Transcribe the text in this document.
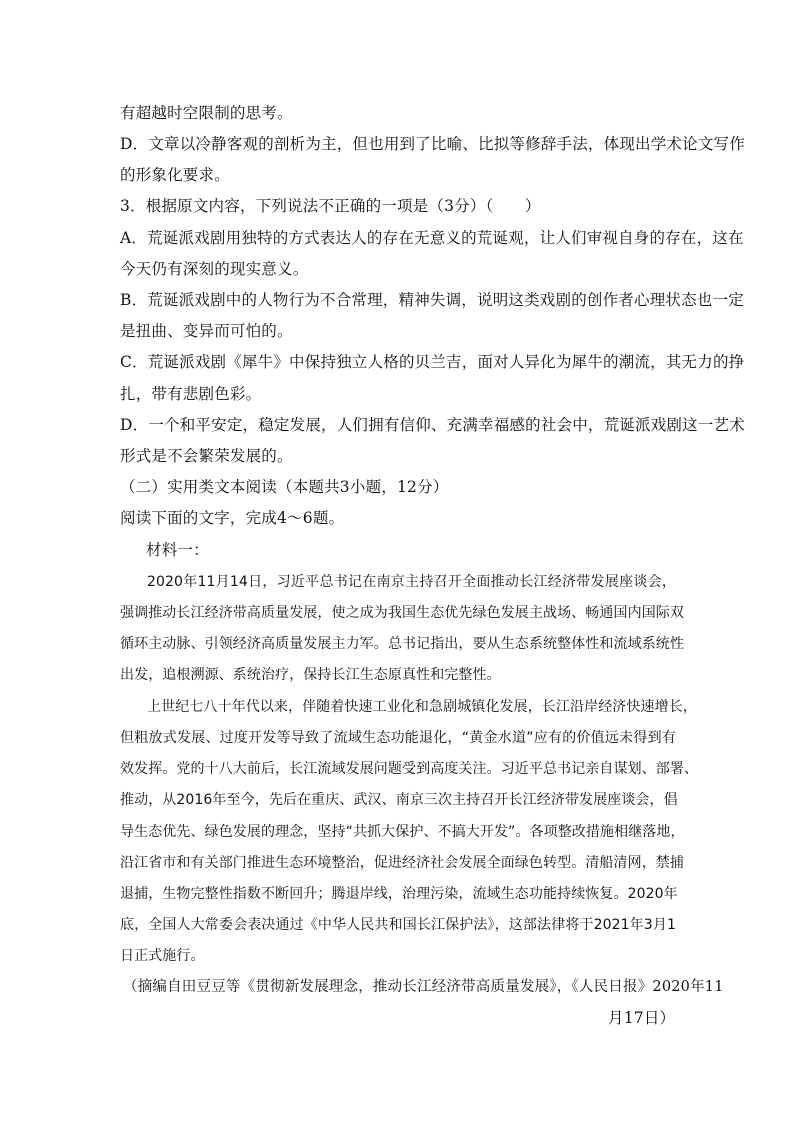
有超越时空限制的思考。
D．文章以冷静客观的剖析为主，但也用到了比喻、比拟等修辞手法，体现出学术论文写作
的形象化要求。
3．根据原文内容，下列说法不正确的一项是（3分）（　　）
A．荒诞派戏剧用独特的方式表达人的存在无意义的荒诞观，让人们审视自身的存在，这在
今天仍有深刻的现实意义。
B．荒诞派戏剧中的人物行为不合常理，精神失调，说明这类戏剧的创作者心理状态也一定
是扭曲、变异而可怕的。
C．荒诞派戏剧《犀牛》中保持独立人格的贝兰吉，面对人异化为犀牛的潮流，其无力的挣
扎，带有悲剧色彩。
D．一个和平安定，稳定发展，人们拥有信仰、充满幸福感的社会中，荒诞派戏剧这一艺术
形式是不会繁荣发展的。
（二）实用类文本阅读（本题共3小题，12分）
阅读下面的文字，完成4～6题。
材料一：
2020年11月14日，习近平总书记在南京主持召开全面推动长江经济带发展座谈会，
强调推动长江经济带高质量发展，使之成为我国生态优先绿色发展主战场、畅通国内国际双
循环主动脉、引领经济高质量发展主力军。总书记指出，要从生态系统整体性和流域系统性
出发，追根溯源、系统治疗，保持长江生态原真性和完整性。
上世纪七八十年代以来，伴随着快速工业化和急剧城镇化发展，长江沿岸经济快速增长，
但粗放式发展、过度开发等导致了流域生态功能退化，“黄金水道”应有的价值远未得到有
效发挥。党的十八大前后，长江流域发展问题受到高度关注。习近平总书记亲自谋划、部署、
推动，从2016年至今，先后在重庆、武汉、南京三次主持召开长江经济带发展座谈会，倡
导生态优先、绿色发展的理念，坚持“共抓大保护、不搞大开发”。各项整改措施相继落地，
沿江省市和有关部门推进生态环境整治，促进经济社会发展全面绿色转型。清船清网，禁捕
退捕，生物完整性指数不断回升；腾退岸线，治理污染，流域生态功能持续恢复。2020年
底，全国人大常委会表决通过《中华人民共和国长江保护法》，这部法律将于2021年3月1
日正式施行。
（摘编自田豆豆等《贯彻新发展理念，推动长江经济带高质量发展》，《人民日报》2020年11
月17日）
